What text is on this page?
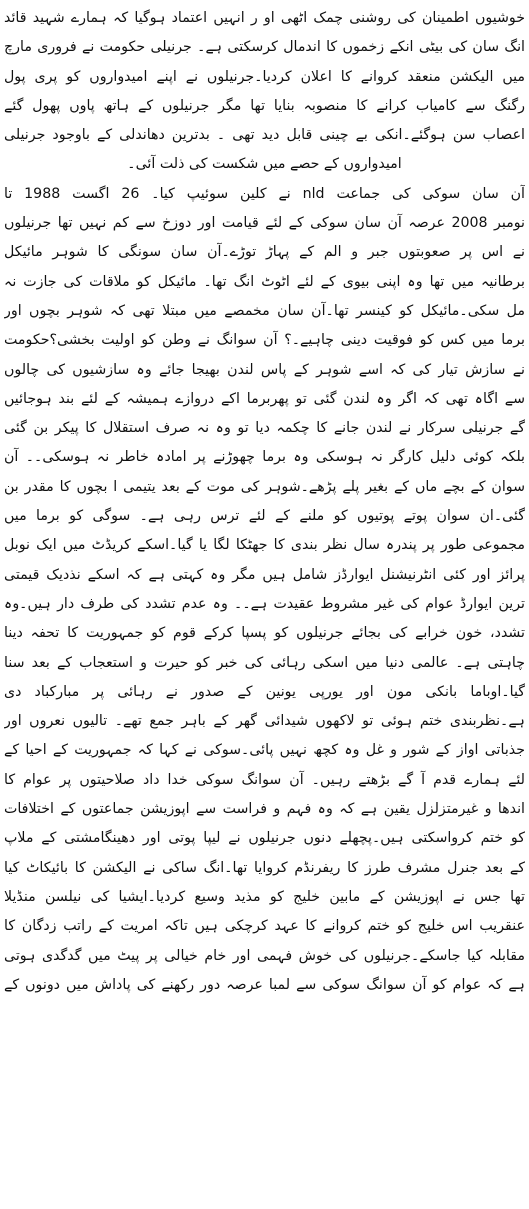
خوشیوں اطمینان کی روشنی چمک اٹھی او ر انہیں اعتماد ہوگیا کہ ہمارے شہید قائد
انگ سان کی بیٹی انکے زخموں کا اندمال کرسکتی ہے۔ جرنیلی حکومت نے فروری مارچ
میں الیکشن منعقد کروانے کا اعلان کردیا۔جرنیلوں نے اپنے امیدواروں کو پری پول
رگنگ سے کامیاب کرانے کا منصوبہ بنایا تھا مگر جرنیلوں کے ہاتھ پاوں پھول گئے
اعصاب سن ہوگئے۔انکی بے چینی قابل دید تھی ۔ بدترین دھاندلی کے باوجود جرنیلی
امیدواروں کے حصے میں شکست کی ذلت آئی۔
آن سان سوکی کی جماعت nld نے کلین سوئیپ کیا۔ 26 اگست 1988 تا
نومبر 2008 عرصہ آن سان سوکی کے لئے قیامت اور دوزخ سے کم نہیں تھا جرنیلوں
نے اس پر صعوبتوں جبر و الم کے پہاڑ توڑے۔آن سان سونگی کا شوہر مائیکل
برطانیہ میں تھا وہ اپنی بیوی کے لئے اٹوٹ انگ تھا۔ مائیکل کو ملاقات کی جازت نہ
مل سکی۔مائیکل کو کینسر تھا۔آن سان مخمصے میں مبتلا تھی کہ شوہر بچوں اور
برما میں کس کو فوقیت دینی چاہیے۔؟ آن سوانگ نے وطن کو اولیت بخشی؟حکومت
نے سازش تیار کی کہ اسے شوہر کے پاس لندن بھیجا جائے وہ سازشیوں کی چالوں
سے اگاہ تھی کہ اگر وہ لندن گئی تو پھربرما اکے دروازے ہمیشہ کے لئے بند ہوجائیں
گے جرنیلی سرکار نے لندن جانے کا چکمہ دیا تو وہ نہ صرف استقلال کا پیکر بن گئی
بلکہ کوئی دلیل کارگر نہ ہوسکی وہ برما چھوڑنے پر امادہ خاطر نہ ہوسکی۔۔ آن
سوان کے بچے ماں کے بغیر پلے پڑھے۔شوہر کی موت کے بعد یتیمی ا بچوں کا مقدر بن
گئی۔ان سوان پوتے پوتیوں کو ملنے کے لئے ترس رہی ہے۔ سوگی کو برما میں
مجموعی طور پر پندرہ سال نظر بندی کا جھٹکا لگا یا گیا۔اسکے کریڈٹ میں ایک نوبل
پرائز اور کئی انٹرنیشنل ایوارڈز شامل ہیں مگر وہ کہتی ہے کہ اسکے نذدیک قیمتی
ترین ایوارڈ عوام کی غیر مشروط عقیدت ہے۔۔ وہ عدم تشدد کی طرف دار ہیں۔وہ
تشدد، خون خرابے کی بجائے جرنیلوں کو پسپا کرکے قوم کو جمہوریت کا تحفہ دینا
چاہتی ہے۔ عالمی دنیا میں اسکی رہائی کی خبر کو حیرت و استعجاب کے بعد سنا
گیا۔اوباما بانکی مون اور یورپی یونین کے صدور نے رہائی پر مبارکباد دی
ہے۔نظربندی ختم ہوئی تو لاکھوں شیدائی گھر کے باہر جمع تھے۔ تالیوں نعروں اور
جذباتی اواز کے شور و غل وہ کچھ نہیں پائی۔سوکی نے کہا کہ جمہوریت کے احیا کے
لئے ہمارے قدم آ گے بڑھتے رہیں۔ آن سوانگ سوکی خدا داد صلاحیتوں پر عوام کا
اندھا و غیرمتزلزل یقین ہے کہ وہ فہم و فراست سے اپوزیشن جماعتوں کے اختلافات
کو ختم کرواسکتی ہیں۔پچھلے دنوں جرنیلوں نے لیپا پوتی اور دھینگامشتی کے ملاپ
کے بعد جنرل مشرف طرز کا ریفرنڈم کروایا تھا۔انگ ساکی نے الیکشن کا بائیکاٹ کیا
تھا جس نے اپوزیشن کے مابین خلیج کو مذید وسیع کردیا۔ایشیا کی نیلسن منڈیلا
عنقریب اس خلیج کو ختم کروانے کا عہد کرچکی ہیں تاکہ امریت کے راتب زدگان کا
مقابلہ کیا جاسکے۔جرنیلوں کی خوش فہمی اور خام خیالی پر پیٹ میں گدگدی ہوتی
ہے کہ عوام کو آن سوانگ سوکی سے لمبا عرصہ دور رکھنے کی پاداش میں دونوں کے
